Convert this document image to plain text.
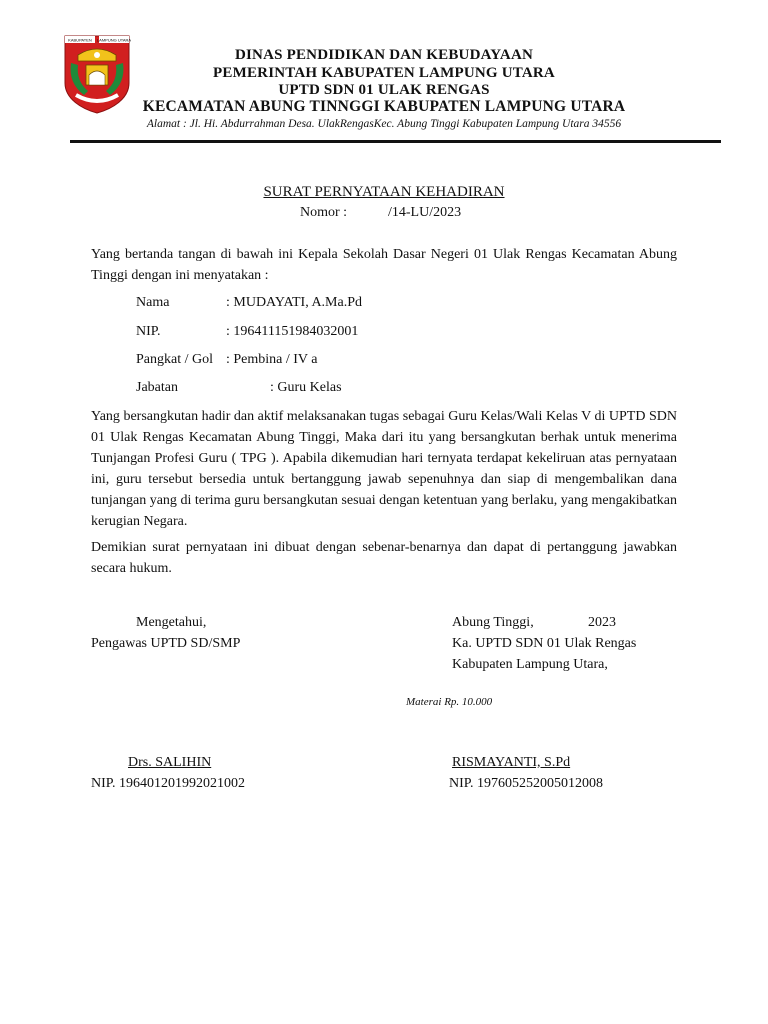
KABUPATEN LAMPUNG UTARA
DINAS PENDIDIKAN DAN KEBUDAYAAN
PEMERINTAH KABUPATEN LAMPUNG UTARA
UPTD SDN 01 ULAK RENGAS
KECAMATAN ABUNG TINNGGI KABUPATEN LAMPUNG UTARA
Alamat : Jl. Hi. Abdurrahman Desa. UlakRengasKec. Abung Tinggi Kabupaten Lampung Utara 34556
SURAT PERNYATAAN KEHADIRAN
Nomor :	/14-LU/2023
Yang bertanda tangan di bawah ini Kepala Sekolah Dasar Negeri 01 Ulak Rengas Kecamatan Abung Tinggi dengan ini menyatakan :
Nama	: MUDAYATI, A.Ma.Pd
NIP.	: 196411151984032001
Pangkat / Gol : Pembina / IV a
Jabatan	: Guru Kelas
Yang bersangkutan hadir dan aktif melaksanakan tugas sebagai Guru Kelas/Wali Kelas V di UPTD SDN 01 Ulak Rengas Kecamatan Abung Tinggi, Maka dari itu yang bersangkutan berhak untuk menerima Tunjangan Profesi Guru ( TPG ). Apabila dikemudian hari ternyata terdapat kekeliruan atas pernyataan ini, guru tersebut bersedia untuk bertanggung jawab sepenuhnya dan siap di mengembalikan dana tunjangan yang di terima guru bersangkutan sesuai dengan ketentuan yang berlaku, yang mengakibatkan kerugian Negara.
Demikian surat pernyataan ini dibuat dengan sebenar-benarnya dan dapat di pertanggung jawabkan secara hukum.
Mengetahui,
Pengawas UPTD SD/SMP
Drs. SALIHIN
NIP. 196401201992021002
Abung Tinggi,	2023
Ka. UPTD SDN 01 Ulak Rengas
Kabupaten Lampung Utara,
Materai Rp. 10.000
RISMAYANTI, S.Pd
NIP. 197605252005012008
